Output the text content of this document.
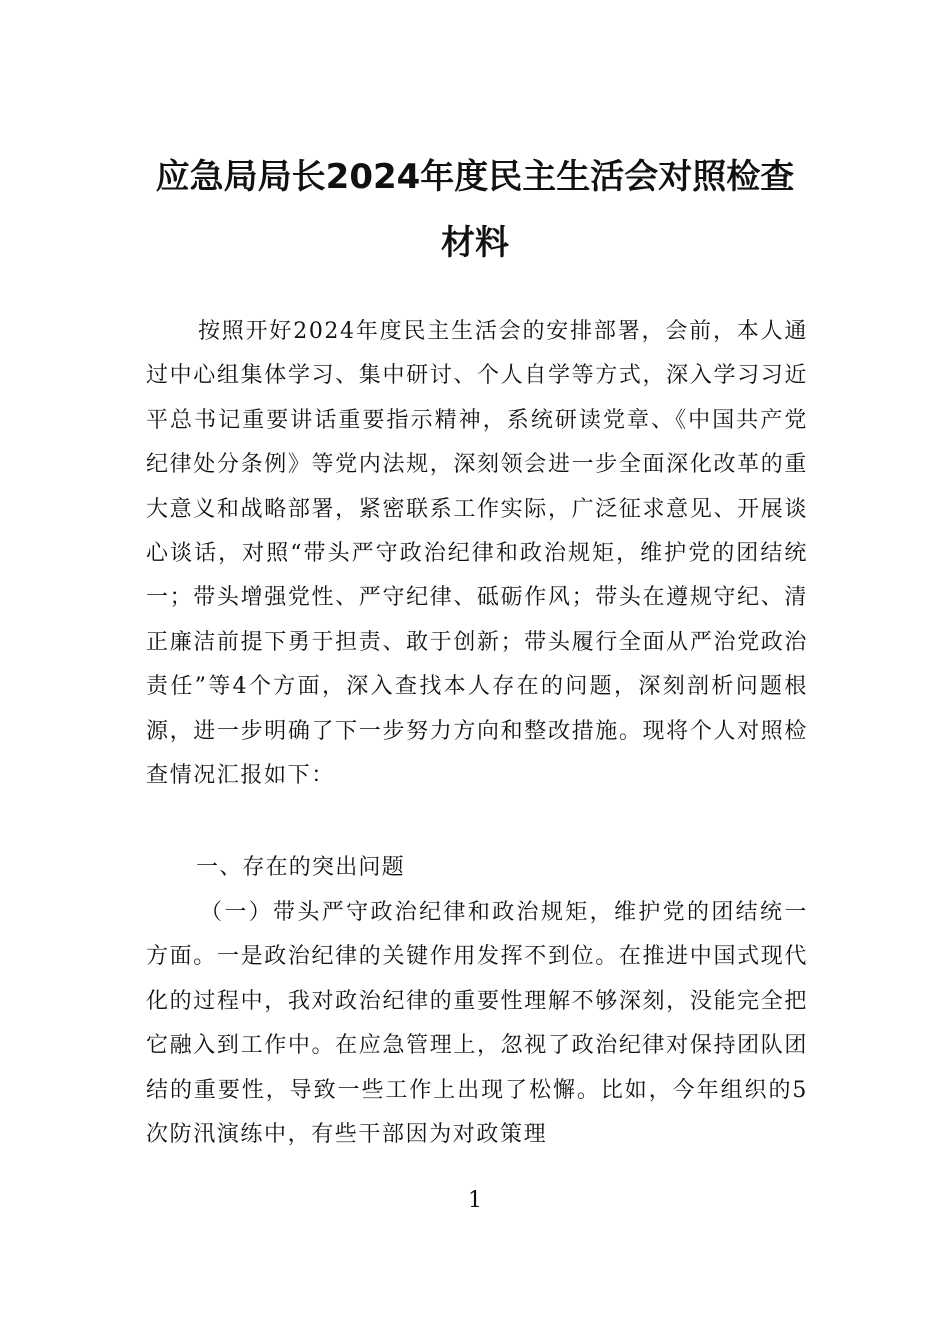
应急局局长2024年度民主生活会对照检查
材料
按照开好2024年度民主生活会的安排部署，会前，本人通过中心组集体学习、集中研讨、个人自学等方式，深入学习习近平总书记重要讲话重要指示精神，系统研读党章、《中国共产党纪律处分条例》等党内法规，深刻领会进一步全面深化改革的重大意义和战略部署，紧密联系工作实际，广泛征求意见、开展谈心谈话，对照“带头严守政治纪律和政治规矩，维护党的团结统一；带头增强党性、严守纪律、砥砺作风；带头在遵规守纪、清正廉洁前提下勇于担责、敢于创新；带头履行全面从严治党政治责任”等4个方面，深入查找本人存在的问题，深刻剖析问题根源，进一步明确了下一步努力方向和整改措施。现将个人对照检查情况汇报如下：
一、存在的突出问题
（一）带头严守政治纪律和政治规矩，维护党的团结统一方面。一是政治纪律的关键作用发挥不到位。在推进中国式现代化的过程中，我对政治纪律的重要性理解不够深刻，没能完全把它融入到工作中。在应急管理上，忽视了政治纪律对保持团队团结的重要性，导致一些工作上出现了松懈。比如，今年组织的5次防汛演练中，有些干部因为对政策理
1
